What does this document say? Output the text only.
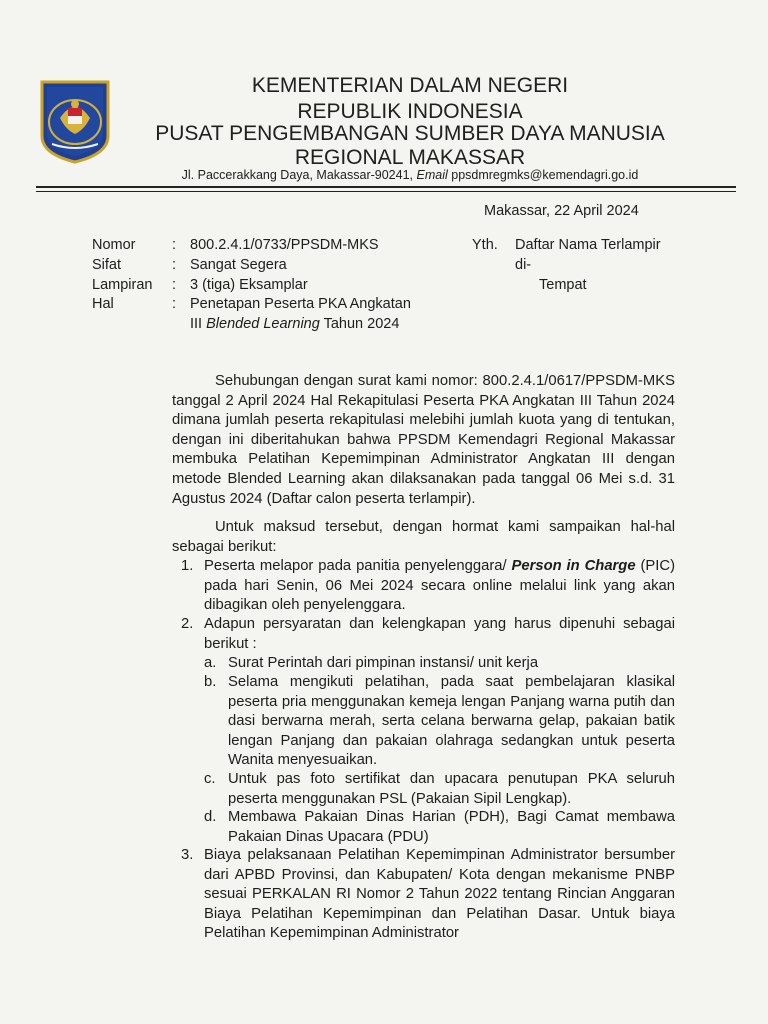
KEMENTERIAN DALAM NEGERI
REPUBLIK INDONESIA
PUSAT PENGEMBANGAN SUMBER DAYA MANUSIA
REGIONAL MAKASSAR
Jl. Paccerakkang Daya, Makassar-90241, Email ppsdmregmks@kemendagri.go.id
Makassar, 22 April 2024
Nomor	: 800.2.4.1/0733/PPSDM-MKS
Sifat	: Sangat Segera
Lampiran : 3 (tiga) Eksamplar
Hal	: Penetapan Peserta PKA Angkatan
III Blended Learning Tahun 2024
Yth. Daftar Nama Terlampir
di-
Tempat

Sehubungan dengan surat kami nomor: 800.2.4.1/0617/PPSDM-MKS tanggal 2 April 2024 Hal Rekapitulasi Peserta PKA Angkatan III Tahun 2024 dimana jumlah peserta rekapitulasi melebihi jumlah kuota yang di tentukan, dengan ini diberitahukan bahwa PPSDM Kemendagri Regional Makassar membuka Pelatihan Kepemimpinan Administrator Angkatan III dengan metode Blended Learning akan dilaksanakan pada tanggal 06 Mei s.d. 31 Agustus 2024 (Daftar calon peserta terlampir).

Untuk maksud tersebut, dengan hormat kami sampaikan hal-hal sebagai berikut:

1. Peserta melapor pada panitia penyelenggara/ Person in Charge (PIC) pada hari Senin, 06 Mei 2024 secara online melalui link yang akan dibagikan oleh penyelenggara.

2. Adapun persyaratan dan kelengkapan yang harus dipenuhi sebagai berikut :

a. Surat Perintah dari pimpinan instansi/ unit kerja

b. Selama mengikuti pelatihan, pada saat pembelajaran klasikal peserta pria menggunakan kemeja lengan Panjang warna putih dan dasi berwarna merah, serta celana berwarna gelap, pakaian batik lengan Panjang dan pakaian olahraga sedangkan untuk peserta Wanita menyesuaikan.

c. Untuk pas foto sertifikat dan upacara penutupan PKA seluruh peserta menggunakan PSL (Pakaian Sipil Lengkap).

d. Membawa Pakaian Dinas Harian (PDH), Bagi Camat membawa Pakaian Dinas Upacara (PDU)

3. Biaya pelaksanaan Pelatihan Kepemimpinan Administrator bersumber dari APBD Provinsi, dan Kabupaten/ Kota dengan mekanisme PNBP sesuai PERKALAN RI Nomor 2 Tahun 2022 tentang Rincian Anggaran Biaya Pelatihan Kepemimpinan dan Pelatihan Dasar. Untuk biaya Pelatihan Kepemimpinan Administrator
